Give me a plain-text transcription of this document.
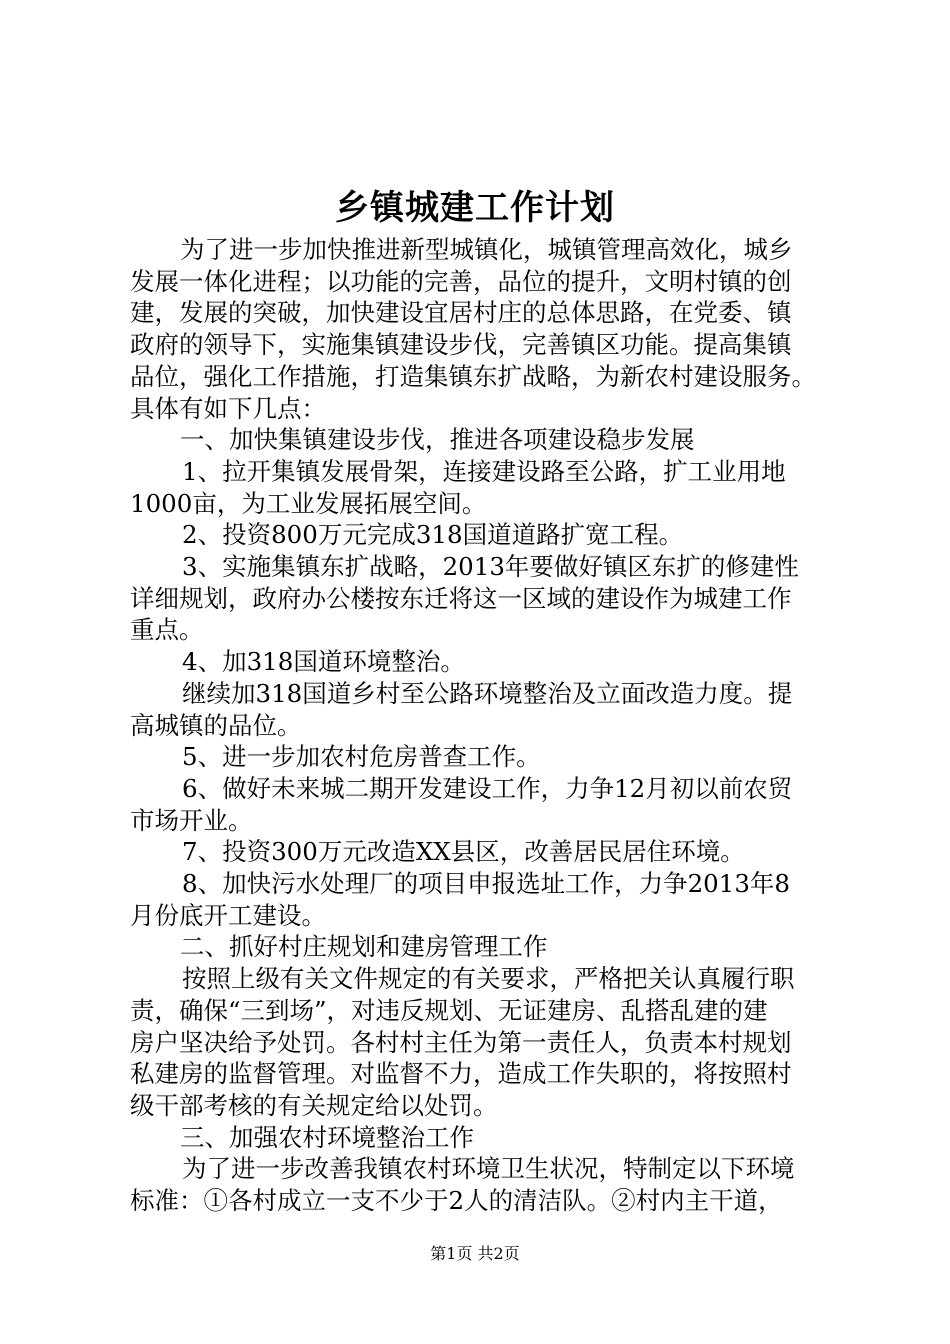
乡镇城建工作计划
为了进一步加快推进新型城镇化，城镇管理高效化，城乡
发展一体化进程；以功能的完善，品位的提升，文明村镇的创
建，发展的突破，加快建设宜居村庄的总体思路，在党委、镇
政府的领导下，实施集镇建设步伐，完善镇区功能。提高集镇
品位，强化工作措施，打造集镇东扩战略，为新农村建设服务。
具体有如下几点：
一、加快集镇建设步伐，推进各项建设稳步发展
1、拉开集镇发展骨架，连接建设路至公路，扩工业用地
1000亩，为工业发展拓展空间。
2、投资800万元完成318国道道路扩宽工程。
3、实施集镇东扩战略，2013年要做好镇区东扩的修建性
详细规划，政府办公楼按东迁将这一区域的建设作为城建工作
重点。
4、加318国道环境整治。
继续加318国道乡村至公路环境整治及立面改造力度。提
高城镇的品位。
5、进一步加农村危房普查工作。
6、做好未来城二期开发建设工作，力争12月初以前农贸
市场开业。
7、投资300万元改造XX县区，改善居民居住环境。
8、加快污水处理厂的项目申报选址工作，力争2013年8
月份底开工建设。
二、抓好村庄规划和建房管理工作
按照上级有关文件规定的有关要求，严格把关认真履行职
责，确保“三到场”，对违反规划、无证建房、乱搭乱建的建
房户坚决给予处罚。各村村主任为第一责任人，负责本村规划
私建房的监督管理。对监督不力，造成工作失职的，将按照村
级干部考核的有关规定给以处罚。
三、加强农村环境整治工作
为了进一步改善我镇农村环境卫生状况，特制定以下环境
标准：①各村成立一支不少于2人的清洁队。②村内主干道，
第1页 共2页
